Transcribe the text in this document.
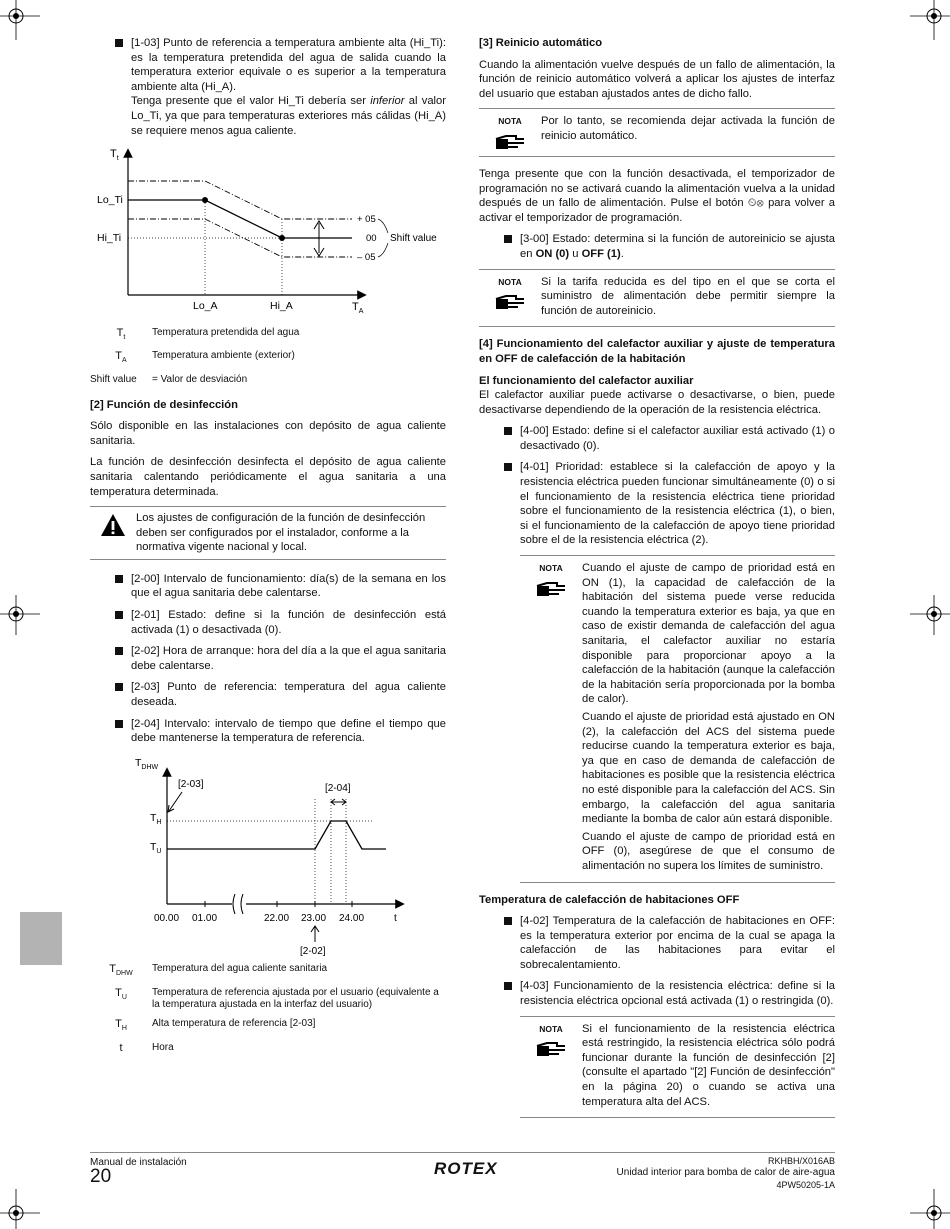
[1-03] Punto de referencia a temperatura ambiente alta (Hi_Ti): es la temperatura pretendida del agua de salida cuando la temperatura exterior equivale o es superior a la temperatura ambiente alta (Hi_A).
Tenga presente que el valor Hi_Ti debería ser inferior al valor Lo_Ti, ya que para temperaturas exteriores más cálidas (Hi_A) se requiere menos agua caliente.
$T_t$
$T_A$
Lo_Ti
Hi_Ti
Lo_A	Hi_A
+ 05
00
– 05
Shift value
$T_t$	Temperatura pretendida del agua
$T_A$	Temperatura ambiente (exterior)
Shift value	= Valor de desviación
[2] Función de desinfección

Sólo disponible en las instalaciones con depósito de agua caliente sanitaria.

La función de desinfección desinfecta el depósito de agua caliente sanitaria calentando periódicamente el agua sanitaria a una temperatura determinada.

Los ajustes de configuración de la función de desinfección deben ser configurados por el instalador, conforme a la normativa vigente nacional y local.

[2-00] Intervalo de funcionamiento: día(s) de la semana en los que el agua sanitaria debe calentarse.
[2-01] Estado: define si la función de desinfección está activada (1) o desactivada (0).
[2-02] Hora de arranque: hora del día a la que el agua sanitaria debe calentarse.
[2-03] Punto de referencia: temperatura del agua caliente deseada.
[2-04] Intervalo: intervalo de tiempo que define el tiempo que debe mantenerse la temperatura de referencia.
$T_{DHW}$
$T_H$
$T_U$
[2-04]
[2-03]
00.00 01.00	22.00 23.00 24.00	t
[2-02]
$T_{DHW}$	Temperatura del agua caliente sanitaria
$T_U$	Temperatura de referencia ajustada por el usuario (equivalente a la temperatura ajustada en la interfaz del usuario)
$T_H$	Alta temperatura de referencia [2-03]
t	Hora
[3] Reinicio automático

Cuando la alimentación vuelve después de un fallo de alimentación, la función de reinicio automático volverá a aplicar los ajustes de interfaz del usuario que estaban ajustados antes de dicho fallo.

NOTA Por lo tanto, se recomienda dejar activada la función de reinicio automático.

Tenga presente que con la función desactivada, el temporizador de programación no se activará cuando la alimentación vuelva a la unidad después de un fallo de alimentación. Pulse el botón ⏲⊗ para volver a activar el temporizador de programación.

[3-00] Estado: determina si la función de autoreinicio se ajusta en ON (0) u OFF (1).
NOTA Si la tarifa reducida es del tipo en el que se corta el suministro de alimentación debe permitir siempre la función de autoreinicio.

[4] Funcionamiento del calefactor auxiliar y ajuste de temperatura en OFF de calefacción de la habitación
El funcionamiento del calefactor auxiliar

El calefactor auxiliar puede activarse o desactivarse, o bien, puede desactivarse dependiendo de la operación de la resistencia eléctrica.

[4-00] Estado: define si el calefactor auxiliar está activado (1) o desactivado (0).
[4-01] Prioridad: establece si la calefacción de apoyo y la resistencia eléctrica pueden funcionar simultáneamente (0) o si el funcionamiento de la resistencia eléctrica tiene prioridad sobre el funcionamiento de la resistencia eléctrica (1), o bien, si el funcionamiento de la calefacción de apoyo tiene prioridad sobre el de la resistencia eléctrica (2).
NOTA Cuando el ajuste de campo de prioridad está en ON (1), la capacidad de calefacción de la habitación del sistema puede verse reducida cuando la temperatura exterior es baja, ya que en caso de existir demanda de calefacción del agua sanitaria, el calefactor auxiliar no estaría disponible para proporcionar apoyo a la calefacción de la habitación (aunque la calefacción de la habitación sería proporcionada por la bomba de calor).

Cuando el ajuste de prioridad está ajustado en ON (2), la calefacción del ACS del sistema puede reducirse cuando la temperatura exterior es baja, ya que en caso de demanda de calefacción de habitaciones es posible que la resistencia eléctrica no esté disponible para la calefacción del ACS. Sin embargo, la calefacción del agua sanitaria mediante la bomba de calor aún estará disponible.

Cuando el ajuste de campo de prioridad está en OFF (0), asegúrese de que el consumo de alimentación no supera los límites de suministro.

Temperatura de calefacción de habitaciones OFF
[4-02] Temperatura de la calefacción de habitaciones en OFF: es la temperatura exterior por encima de la cual se apaga la calefacción de las habitaciones para evitar el sobrecalentamiento.
[4-03] Funcionamiento de la resistencia eléctrica: define si la resistencia eléctrica opcional está activada (1) o restringida (0).
NOTA Si el funcionamiento de la resistencia eléctrica está restringido, la resistencia eléctrica sólo podrá funcionar durante la función de desinfección [2] (consulte el apartado "[2] Función de desinfección" en la página 20) o cuando se activa una temperatura alta del ACS.

Manual de instalación
20	ROTEX	RKHBH/X016AB
Unidad interior para bomba de calor de aire-agua
4PW50205-1A
